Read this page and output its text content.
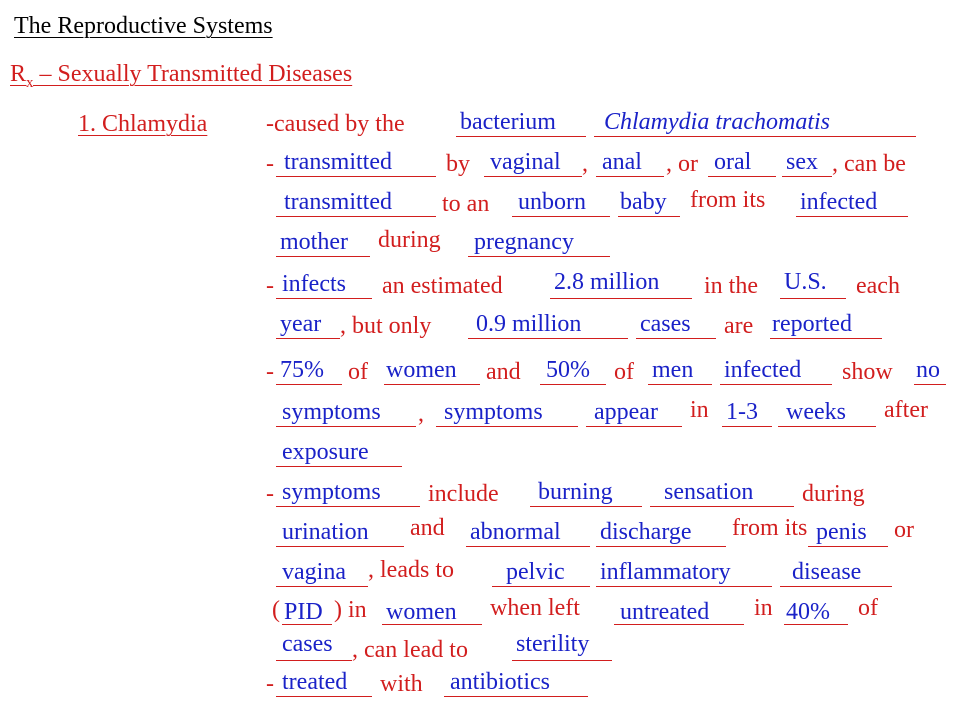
The Reproductive Systems
$R_x$ – Sexually Transmitted Diseases
1. Chlamydia -caused by the bacterium Chlamydia trachomatis
- transmitted by vaginal , anal , or oral sex , can be
transmitted to an unborn baby from its infected
mother during pregnancy
- infects an estimated 2.8 million in the U.S. each
year , but only 0.9 million cases are reported
- 75% of women and 50% of men infected show no
symptoms , symptoms appear in 1-3 weeks after
exposure
- symptoms include burning sensation during
urination and abnormal discharge from its penis or
vagina , leads to pelvic inflammatory	disease
( PID ) in women when left untreated in 40% of
cases , can lead to sterility
- treated with antibiotics
